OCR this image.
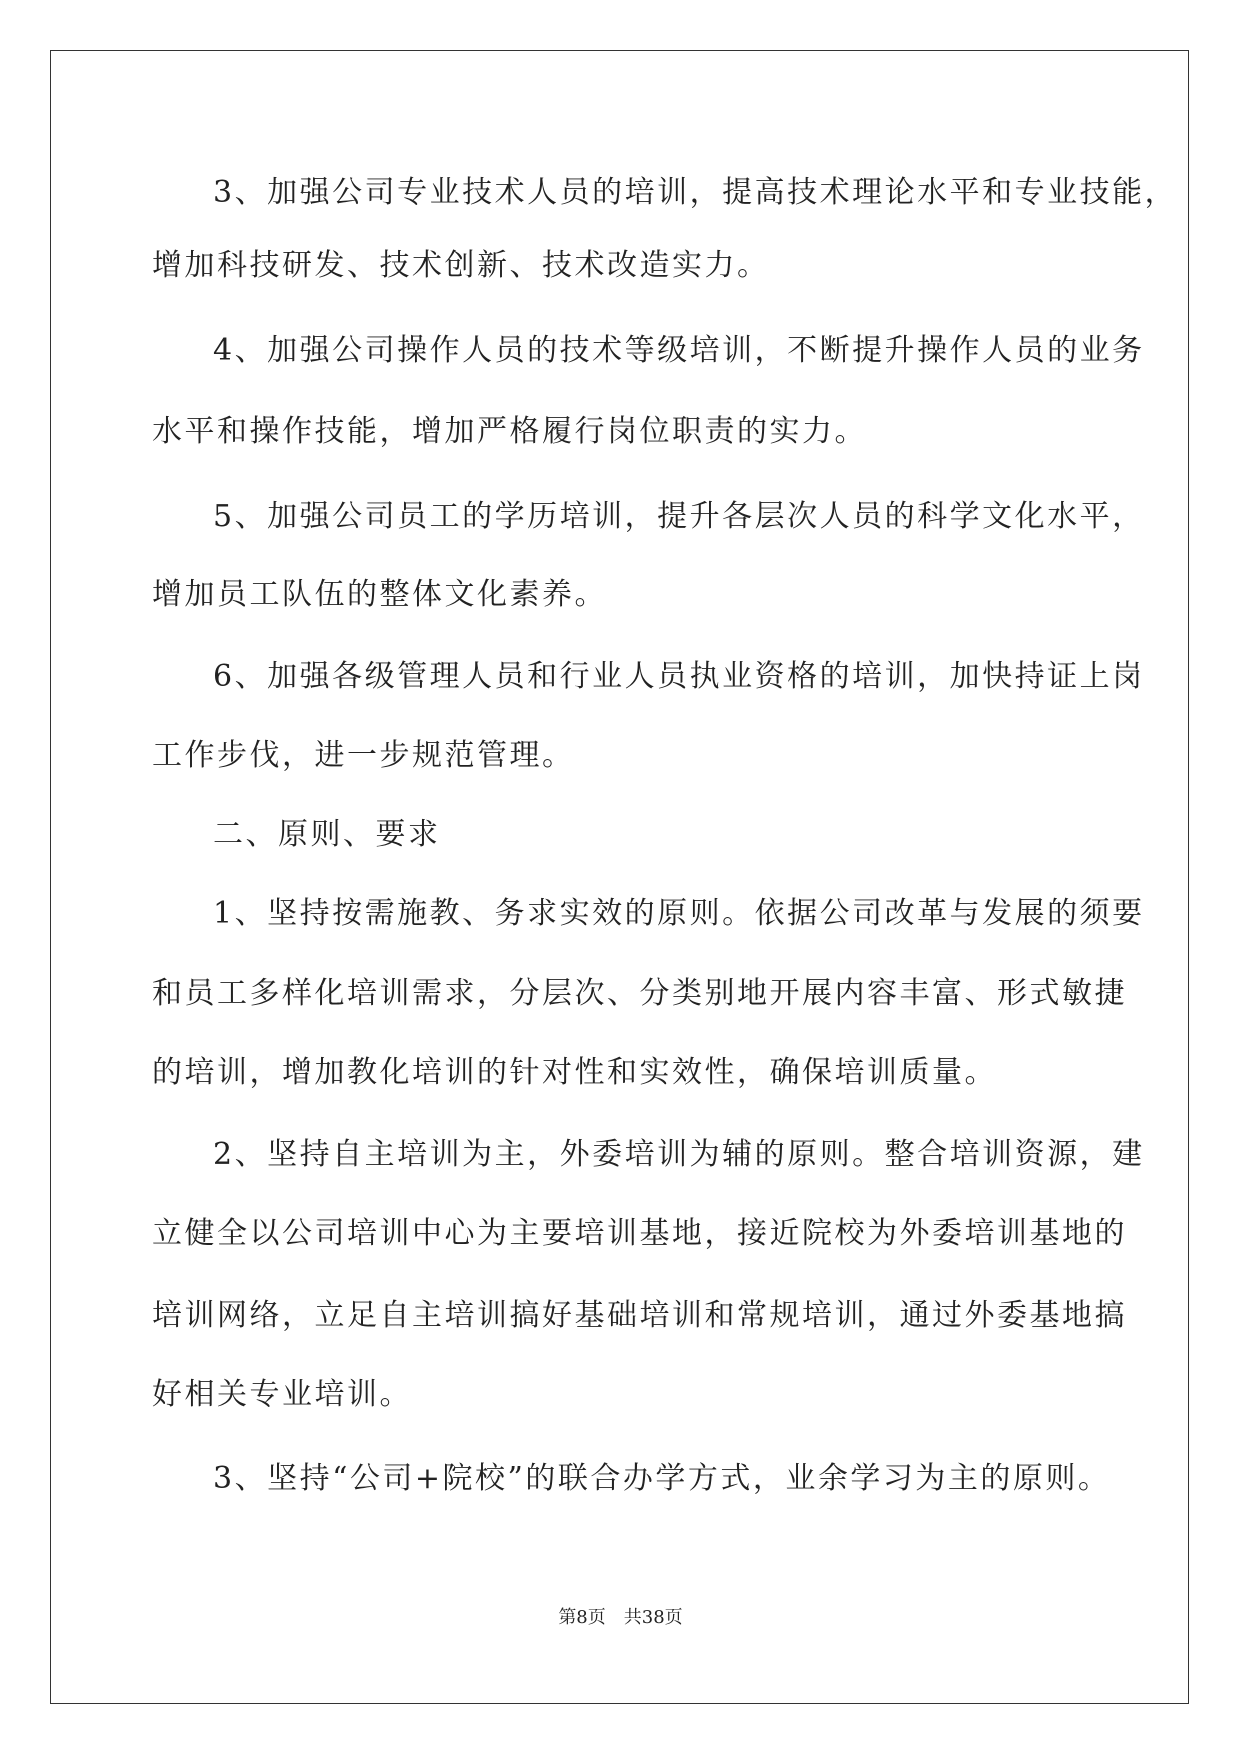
3、加强公司专业技术人员的培训，提高技术理论水平和专业技能，
增加科技研发、技术创新、技术改造实力。
4、加强公司操作人员的技术等级培训，不断提升操作人员的业务
水平和操作技能，增加严格履行岗位职责的实力。
5、加强公司员工的学历培训，提升各层次人员的科学文化水平，
增加员工队伍的整体文化素养。
6、加强各级管理人员和行业人员执业资格的培训，加快持证上岗
工作步伐，进一步规范管理。
二、原则、要求
1、坚持按需施教、务求实效的原则。依据公司改革与发展的须要
和员工多样化培训需求，分层次、分类别地开展内容丰富、形式敏捷
的培训，增加教化培训的针对性和实效性，确保培训质量。
2、坚持自主培训为主，外委培训为辅的原则。整合培训资源，建
立健全以公司培训中心为主要培训基地，接近院校为外委培训基地的
培训网络，立足自主培训搞好基础培训和常规培训，通过外委基地搞
好相关专业培训。
3、坚持“公司+院校”的联合办学方式，业余学习为主的原则。
第8页　共38页
